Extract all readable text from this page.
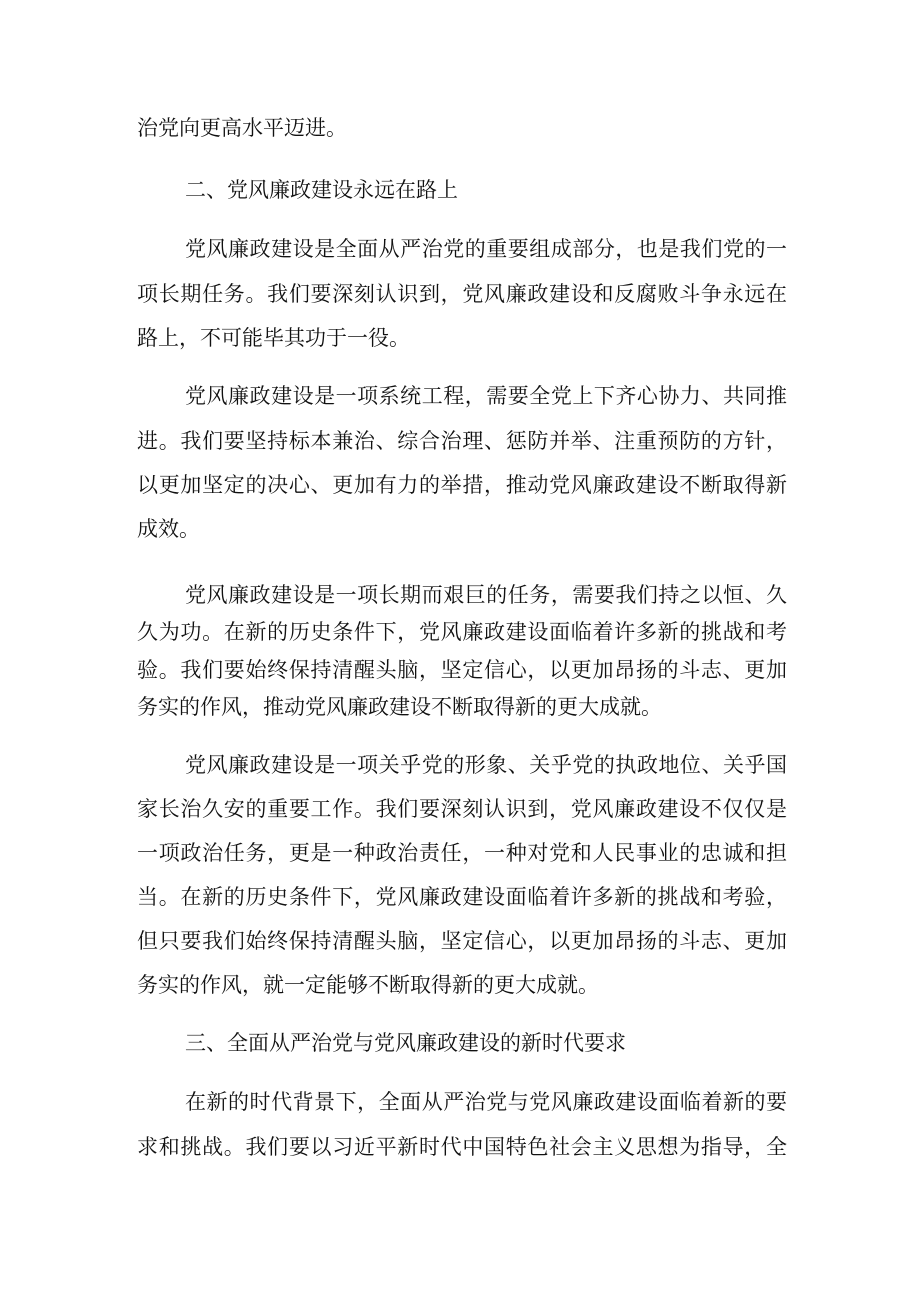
治党向更高水平迈进。
二、党风廉政建设永远在路上
党风廉政建设是全面从严治党的重要组成部分，也是我们党的一
项长期任务。我们要深刻认识到，党风廉政建设和反腐败斗争永远在
路上，不可能毕其功于一役。
党风廉政建设是一项系统工程，需要全党上下齐心协力、共同推
进。我们要坚持标本兼治、综合治理、惩防并举、注重预防的方针，
以更加坚定的决心、更加有力的举措，推动党风廉政建设不断取得新
成效。
党风廉政建设是一项长期而艰巨的任务，需要我们持之以恒、久
久为功。在新的历史条件下，党风廉政建设面临着许多新的挑战和考
验。我们要始终保持清醒头脑，坚定信心，以更加昂扬的斗志、更加
务实的作风，推动党风廉政建设不断取得新的更大成就。
党风廉政建设是一项关乎党的形象、关乎党的执政地位、关乎国
家长治久安的重要工作。我们要深刻认识到，党风廉政建设不仅仅是
一项政治任务，更是一种政治责任，一种对党和人民事业的忠诚和担
当。在新的历史条件下，党风廉政建设面临着许多新的挑战和考验，
但只要我们始终保持清醒头脑，坚定信心，以更加昂扬的斗志、更加
务实的作风，就一定能够不断取得新的更大成就。
三、全面从严治党与党风廉政建设的新时代要求
在新的时代背景下，全面从严治党与党风廉政建设面临着新的要
求和挑战。我们要以习近平新时代中国特色社会主义思想为指导，全
